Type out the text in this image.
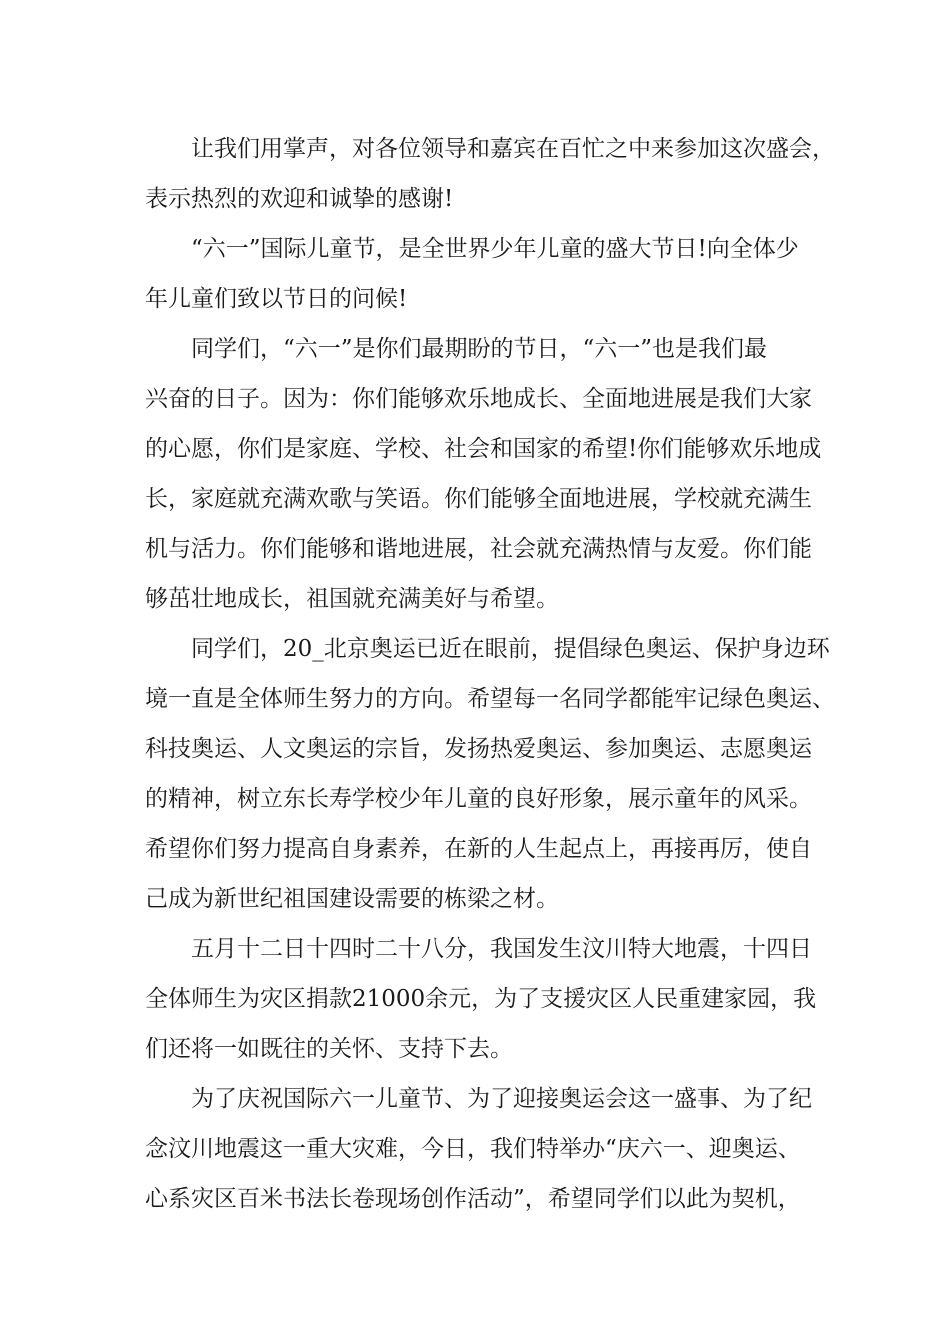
让我们用掌声，对各位领导和嘉宾在百忙之中来参加这次盛会，
表示热烈的欢迎和诚挚的感谢!
“六一”国际儿童节，是全世界少年儿童的盛大节日!向全体少
年儿童们致以节日的问候!
同学们，“六一”是你们最期盼的节日，“六一”也是我们最
兴奋的日子。因为：你们能够欢乐地成长、全面地进展是我们大家
的心愿，你们是家庭、学校、社会和国家的希望!你们能够欢乐地成
长，家庭就充满欢歌与笑语。你们能够全面地进展，学校就充满生
机与活力。你们能够和谐地进展，社会就充满热情与友爱。你们能
够茁壮地成长，祖国就充满美好与希望。
同学们，20_北京奥运已近在眼前，提倡绿色奥运、保护身边环
境一直是全体师生努力的方向。希望每一名同学都能牢记绿色奥运、
科技奥运、人文奥运的宗旨，发扬热爱奥运、参加奥运、志愿奥运
的精神，树立东长寿学校少年儿童的良好形象，展示童年的风采。
希望你们努力提高自身素养，在新的人生起点上，再接再厉，使自
己成为新世纪祖国建设需要的栋梁之材。
五月十二日十四时二十八分，我国发生汶川特大地震，十四日
全体师生为灾区捐款21000余元，为了支援灾区人民重建家园，我
们还将一如既往的关怀、支持下去。
为了庆祝国际六一儿童节、为了迎接奥运会这一盛事、为了纪
念汶川地震这一重大灾难，今日，我们特举办“庆六一、迎奥运、
心系灾区百米书法长卷现场创作活动”，希望同学们以此为契机，
